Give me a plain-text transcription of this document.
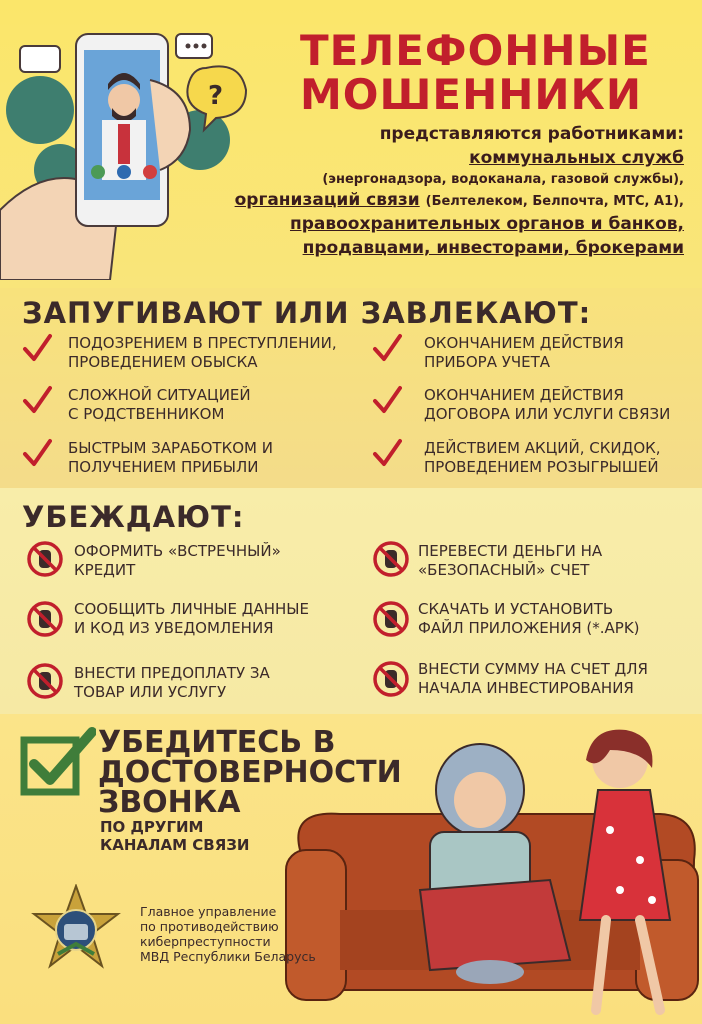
?
ТЕЛЕФОННЫЕ
МОШЕННИКИ
представляются работниками:
коммунальных служб
(энергонадзора, водоканала, газовой службы),
организаций связи (Белтелеком, Белпочта, МТС, A1),
правоохранительных органов и банков,
продавцами, инвесторами, брокерами
ЗАПУГИВАЮТ ИЛИ ЗАВЛЕКАЮТ:
ПОДОЗРЕНИЕМ В ПРЕСТУПЛЕНИИ,
ПРОВЕДЕНИЕМ ОБЫСКА
СЛОЖНОЙ СИТУАЦИЕЙ
С РОДСТВЕННИКОМ
БЫСТРЫМ ЗАРАБОТКОМ И
ПОЛУЧЕНИЕМ ПРИБЫЛИ
ОКОНЧАНИЕМ ДЕЙСТВИЯ
ПРИБОРА УЧЕТА
ОКОНЧАНИЕМ ДЕЙСТВИЯ
ДОГОВОРА ИЛИ УСЛУГИ СВЯЗИ
ДЕЙСТВИЕМ АКЦИЙ, СКИДОК,
ПРОВЕДЕНИЕМ РОЗЫГРЫШЕЙ
УБЕЖДАЮТ:
ОФОРМИТЬ «ВСТРЕЧНЫЙ»
КРЕДИТ
СООБЩИТЬ ЛИЧНЫЕ ДАННЫЕ
И КОД ИЗ УВЕДОМЛЕНИЯ
ВНЕСТИ ПРЕДОПЛАТУ ЗА
ТОВАР ИЛИ УСЛУГУ
ПЕРЕВЕСТИ ДЕНЬГИ НА
«БЕЗОПАСНЫЙ» СЧЕТ
СКАЧАТЬ И УСТАНОВИТЬ
ФАЙЛ ПРИЛОЖЕНИЯ (*.APK)
ВНЕСТИ СУММУ НА СЧЕТ ДЛЯ
НАЧАЛА ИНВЕСТИРОВАНИЯ
УБЕДИТЕСЬ В
ДОСТОВЕРНОСТИ
ЗВОНКА
ПО ДРУГИМ
КАНАЛАМ СВЯЗИ
Главное управление
по противодействию
киберпреступности
МВД Республики Беларусь
